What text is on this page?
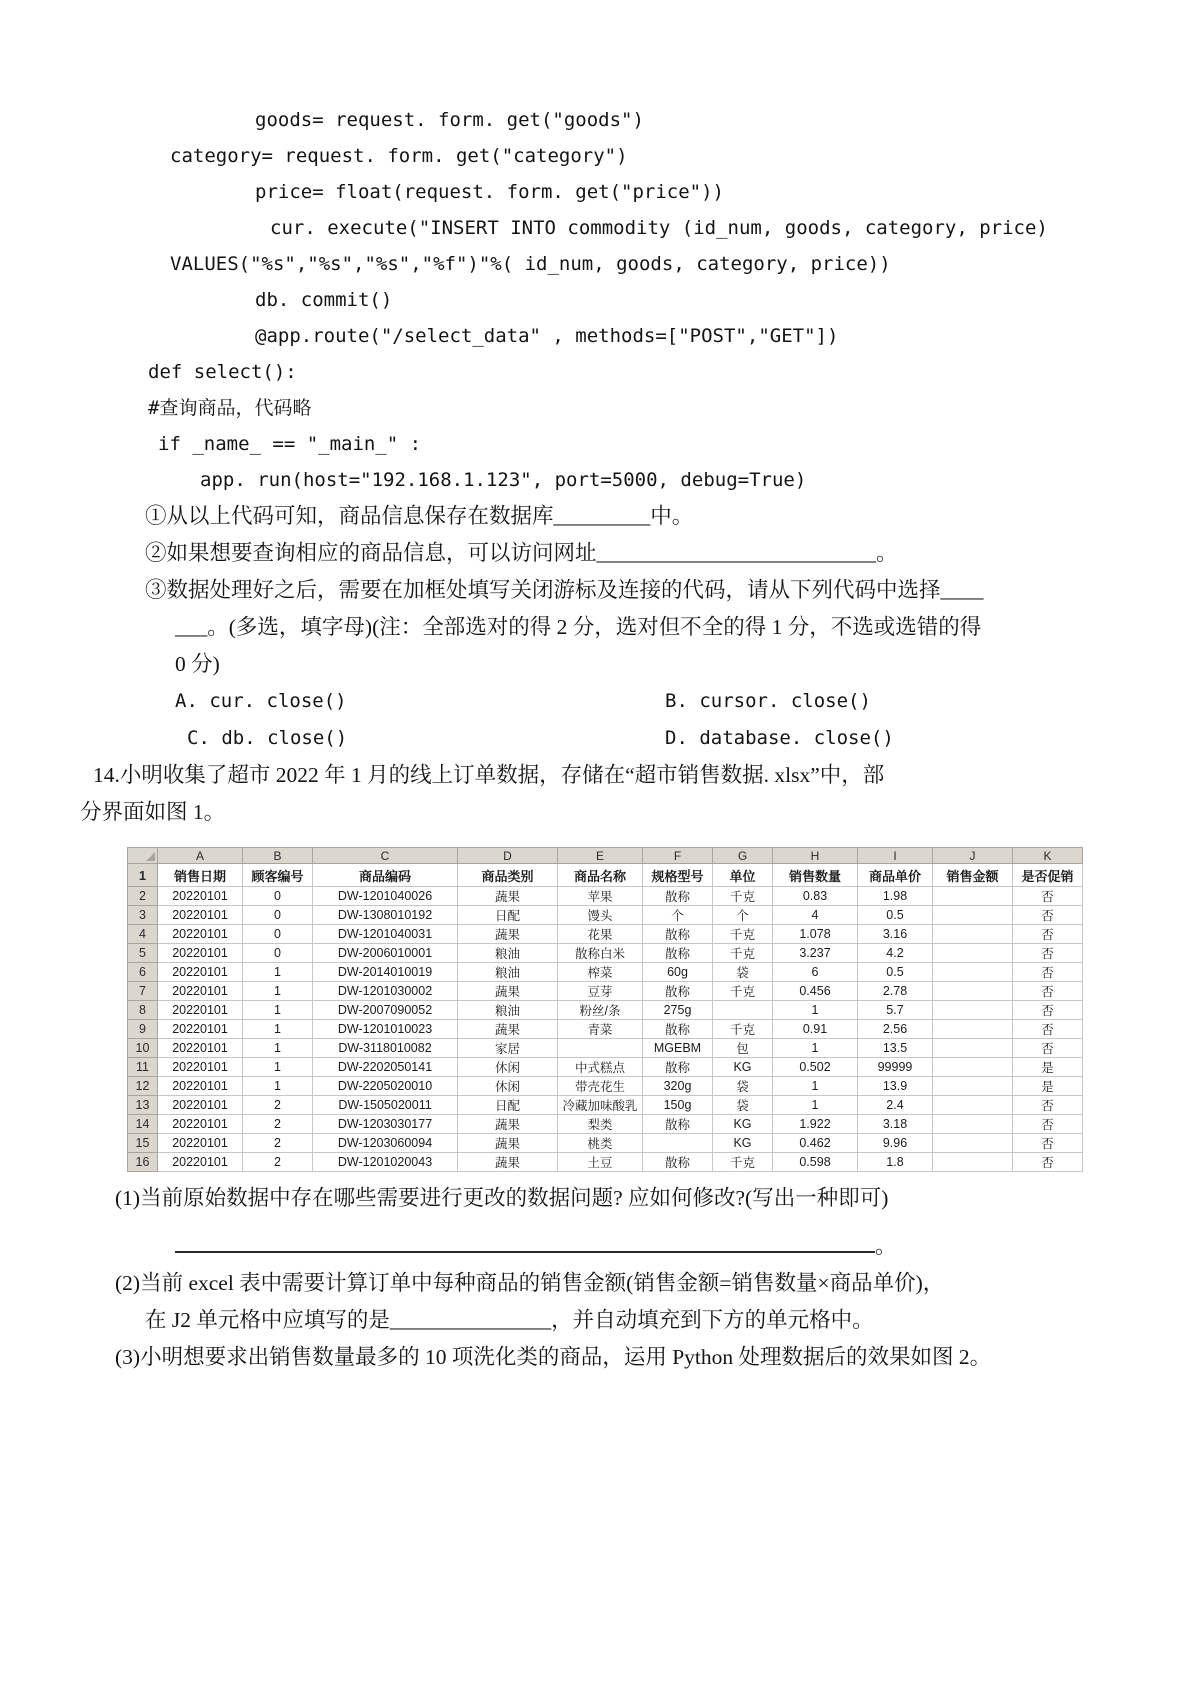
goods= request. form. get("goods")
category= request. form. get("category")
price= float(request. form. get("price"))
cur. execute("INSERT INTO commodity (id_num, goods, category, price)
VALUES("%s","%s","%s","%f")"%( id_num, goods, category, price))
db. commit()
@app.route("/select_data" , methods=["POST","GET"])
def select():
#查询商品，代码略
if _name_ == "_main_" :
app. run(host="192.168.1.123", port=5000, debug=True)
①从以上代码可知，商品信息保存在数据库_________中。
②如果想要查询相应的商品信息，可以访问网址__________________________。
③数据处理好之后，需要在加框处填写关闭游标及连接的代码，请从下列代码中选择____
___。(多选，填字母)(注：全部选对的得 2 分，选对但不全的得 1 分，不选或选错的得
0 分)
A. cur. close()	B. cursor. close()
C. db. close()	D. database. close()
14.小明收集了超市 2022 年 1 月的线上订单数据，存储在“超市销售数据. xlsx”中，部
分界面如图 1。
	A	B	C	D	E	F	G	H	I	J	K
1	销售日期	顾客编号	商品编码	商品类别	商品名称	规格型号	单位	销售数量	商品单价	销售金额	是否促销
2	20220101	0	DW-1201040026	蔬果	苹果	散称	千克	0.83	1.98		否
3	20220101	0	DW-1308010192	日配	馒头	个	个	4	0.5		否
4	20220101	0	DW-1201040031	蔬果	花果	散称	千克	1.078	3.16		否
5	20220101	0	DW-2006010001	粮油	散称白米	散称	千克	3.237	4.2		否
6	20220101	1	DW-2014010019	粮油	榨菜	60g	袋	6	0.5		否
7	20220101	1	DW-1201030002	蔬果	豆芽	散称	千克	0.456	2.78		否
8	20220101	1	DW-2007090052	粮油	粉丝/条	275g		1	5.7		否
9	20220101	1	DW-1201010023	蔬果	青菜	散称	千克	0.91	2.56		否
10	20220101	1	DW-3118010082	家居		MGEBM	包	1	13.5		否
11	20220101	1	DW-2202050141	休闲	中式糕点	散称	KG	0.502	99999		是
12	20220101	1	DW-2205020010	休闲	带壳花生	320g	袋	1	13.9		是
13	20220101	2	DW-1505020011	日配	冷藏加味酸乳	150g	袋	1	2.4		否
14	20220101	2	DW-1203030177	蔬果	梨类	散称	KG	1.922	3.18		否
15	20220101	2	DW-1203060094	蔬果	桃类		KG	0.462	9.96		否
16	20220101	2	DW-1201020043	蔬果	土豆	散称	千克	0.598	1.8		否
(1)当前原始数据中存在哪些需要进行更改的数据问题? 应如何修改?(写出一种即可)
。
(2)当前 excel 表中需要计算订单中每种商品的销售金额(销售金额=销售数量×商品单价)，
在 J2 单元格中应填写的是_______________，并自动填充到下方的单元格中。
(3)小明想要求出销售数量最多的 10 项洗化类的商品，运用 Python 处理数据后的效果如图 2。
